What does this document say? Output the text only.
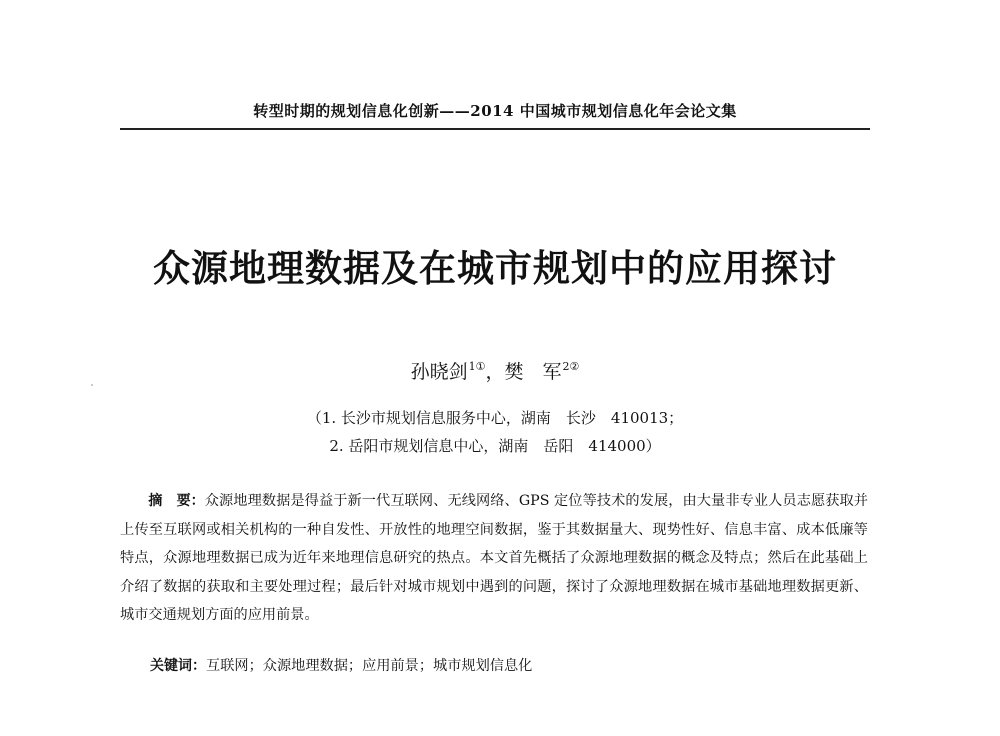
转型时期的规划信息化创新——2014 中国城市规划信息化年会论文集
众源地理数据及在城市规划中的应用探讨
孙晓剑$^{1①}$，樊　军$^{2②}$
（1. 长沙市规划信息服务中心，湖南　长沙　410013；
2. 岳阳市规划信息中心，湖南　岳阳　414000）

摘　要：众源地理数据是得益于新一代互联网、无线网络、GPS 定位等技术的发展，由大量非专业人员志愿获取并上传至互联网或相关机构的一种自发性、开放性的地理空间数据，鉴于其数据量大、现势性好、信息丰富、成本低廉等特点，众源地理数据已成为近年来地理信息研究的热点。本文首先概括了众源地理数据的概念及特点；然后在此基础上介绍了数据的获取和主要处理过程；最后针对城市规划中遇到的问题，探讨了众源地理数据在城市基础地理数据更新、城市交通规划方面的应用前景。

关键词：互联网；众源地理数据；应用前景；城市规划信息化
